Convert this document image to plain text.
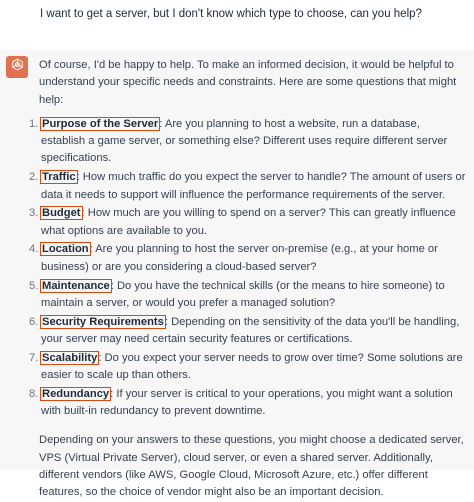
I want to get a server, but I don't know which type to choose, can you help?

Of course, I'd be happy to help. To make an informed decision, it would be helpful to understand your specific needs and constraints. Here are some questions that might help:

1. Purpose of the Server: Are you planning to host a website, run a database, establish a game server, or something else? Different uses require different server specifications.
2. Traffic: How much traffic do you expect the server to handle? The amount of users or data it needs to support will influence the performance requirements of the server.
3. Budget: How much are you willing to spend on a server? This can greatly influence what options are available to you.
4. Location: Are you planning to host the server on-premise (e.g., at your home or business) or are you considering a cloud-based server?
5. Maintenance: Do you have the technical skills (or the means to hire someone) to maintain a server, or would you prefer a managed solution?
6. Security Requirements: Depending on the sensitivity of the data you'll be handling, your server may need certain security features or certifications.
7. Scalability: Do you expect your server needs to grow over time? Some solutions are easier to scale up than others.
8. Redundancy: If your server is critical to your operations, you might want a solution with built-in redundancy to prevent downtime.

Depending on your answers to these questions, you might choose a dedicated server, VPS (Virtual Private Server), cloud server, or even a shared server. Additionally, different vendors (like AWS, Google Cloud, Microsoft Azure, etc.) offer different features, so the choice of vendor might also be an important decision.
